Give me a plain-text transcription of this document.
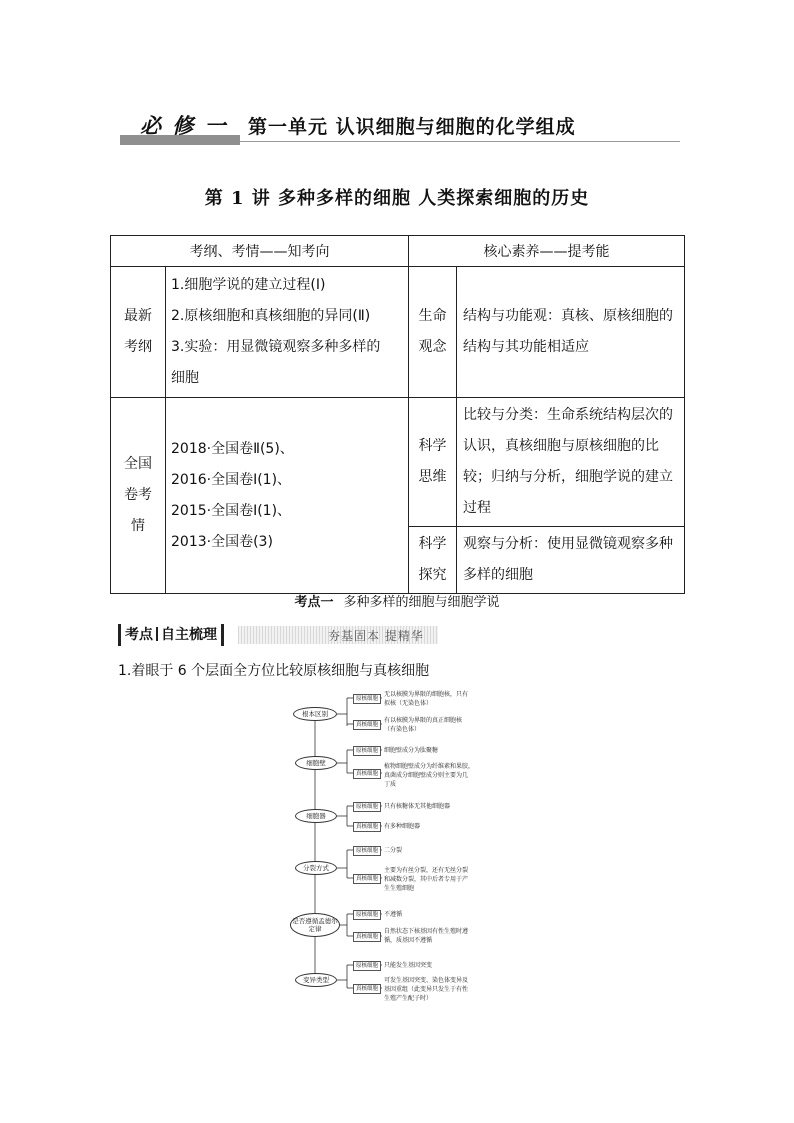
必 修 一 第一单元 认识细胞与细胞的化学组成
第 1 讲 多种多样的细胞 人类探索细胞的历史
考纲、考情——知考向		核心素养——提考能	

最新考纲	1.细胞学说的建立过程(Ⅰ)
2.原核细胞和真核细胞的异同(Ⅱ)
3.实验：用显微镜观察多种多样的
细胞	生命观念	结构与功能观：真核、原核细胞的结构与其功能相适应

全国卷考情	2018·全国卷Ⅱ(5)、
2016·全国卷Ⅰ(1)、
2015·全国卷Ⅰ(1)、
2013·全国卷(3)	科学思维	比较与分类：生命系统结构层次的认识，真核细胞与原核细胞的比较；归纳与分析，细胞学说的建立过程

		科学探究	观察与分析：使用显微镜观察多种多样的细胞
考点一 多种多样的细胞与细胞学说
考点 自主梳理	夯基固本 提精华
1.着眼于 6 个层面全方位比较原核细胞与真核细胞
根本区别
细胞壁
细胞器
分裂方式
是否遵循孟德尔定律
变异类型
原核细胞
真核细胞
原核细胞
真核细胞
原核细胞
真核细胞
原核细胞
真核细胞
原核细胞
真核细胞
原核细胞
真核细胞
无以核膜为界限的细胞核，只有
拟核（无染色体）
有以核膜为界限的真正细胞核
（有染色体）
细胞壁成分为肽聚糖
植物细胞壁成分为纤维素和果胶，
真菌成分细胞壁成分则主要为几
丁质
只有核糖体无其他细胞器
有多种细胞器
二分裂
主要为有丝分裂，还有无丝分裂
和减数分裂，其中后者专用于产
生生殖细胞
不遵循
自然状态下核基因有性生殖时遵
循，质基因不遵循
只能发生基因突变
可发生基因突变、染色体变异及
基因重组（此变异只发生于有性
生殖产生配子时）
